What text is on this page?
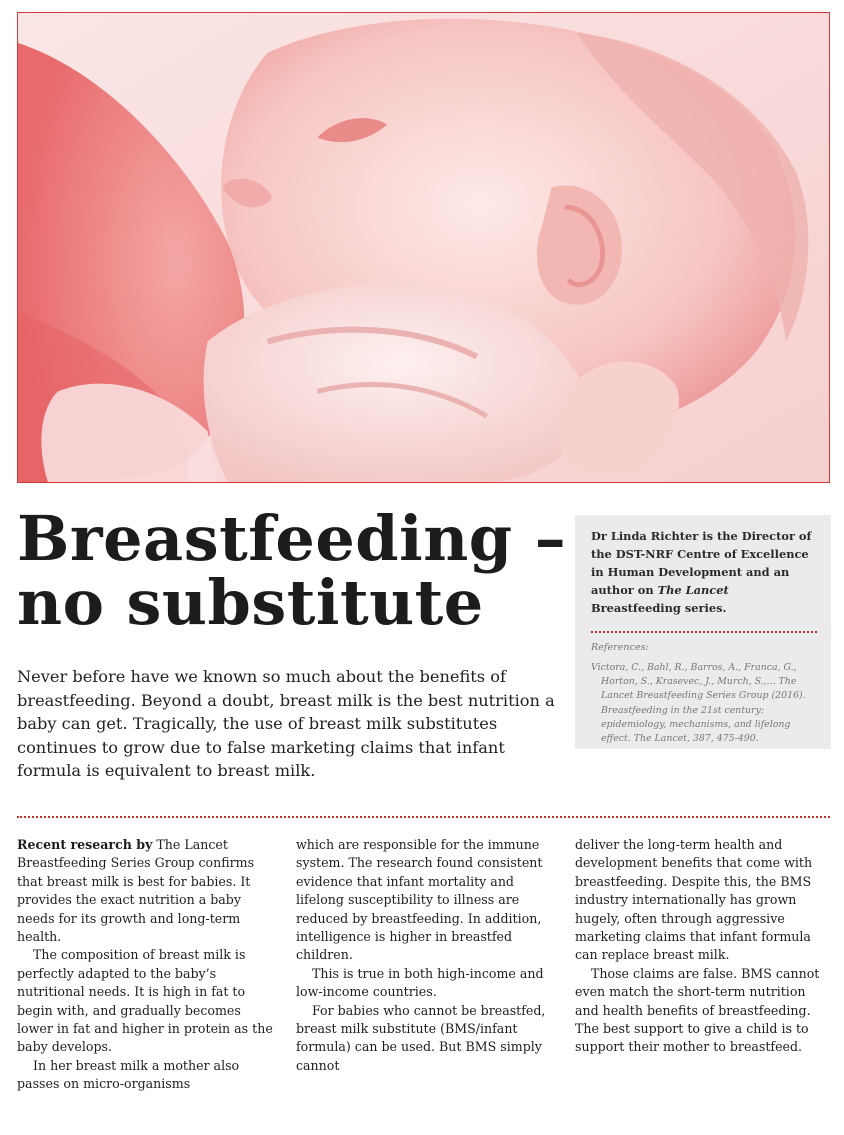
Breastfeeding –
no substitute

Never before have we known so much about the benefits of breastfeeding. Beyond a doubt, breast milk is the best nutrition a baby can get. Tragically, the use of breast milk substitutes continues to grow due to false marketing claims that infant formula is equivalent to breast milk.

Dr Linda Richter is the Director of the DST-NRF Centre of Excellence in Human Development and an author on The Lancet Breastfeeding series.

References:

Victora, C., Bahl, R., Barros, A., Franca, G., Horton, S., Krasevec, J., Murch, S.,... The Lancet Breastfeeding Series Group (2016). Breastfeeding in the 21st century: epidemiology, mechanisms, and lifelong effect. The Lancet, 387, 475-490.

Recent research by The Lancet Breastfeeding Series Group confirms that breast milk is best for babies. It provides the exact nutrition a baby needs for its growth and long-term health.

The composition of breast milk is perfectly adapted to the baby’s nutritional needs. It is high in fat to begin with, and gradually becomes lower in fat and higher in protein as the baby develops.

In her breast milk a mother also passes on micro-organisms

which are responsible for the immune system. The research found consistent evidence that infant mortality and lifelong susceptibility to illness are reduced by breastfeeding. In addition, intelligence is higher in breastfed children.

This is true in both high-income and low-income countries.

For babies who cannot be breastfed, breast milk substitute (BMS/infant formula) can be used. But BMS simply cannot

deliver the long-term health and development benefits that come with breastfeeding. Despite this, the BMS industry internationally has grown hugely, often through aggressive marketing claims that infant formula can replace breast milk.

Those claims are false. BMS cannot even match the short-term nutrition and health benefits of breastfeeding. The best support to give a child is to support their mother to breastfeed.
